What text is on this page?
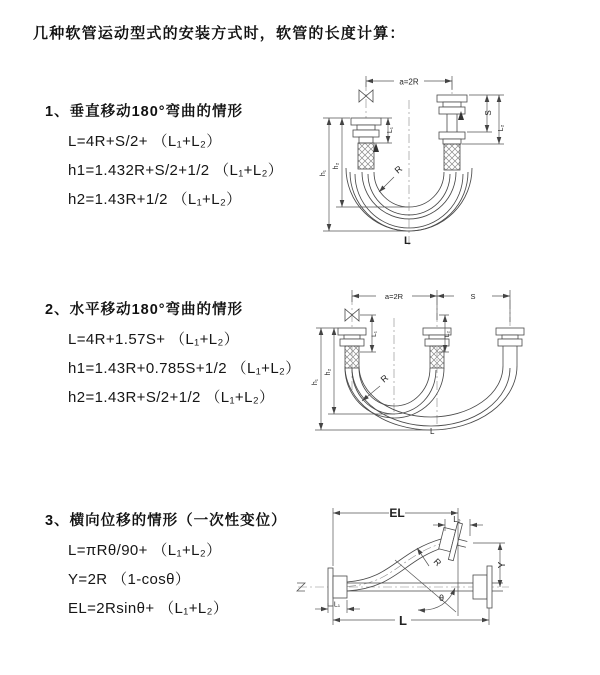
几种软管运动型式的安装方式时，软管的长度计算：
1、垂直移动180°弯曲的情形
L=4R+S/2+ （L₁+L₂）
h1=1.432R+S/2+1/2 （L₁+L₂）
h2=1.43R+1/2 （L₁+L₂）
2、水平移动180°弯曲的情形
L=4R+1.57S+ （L₁+L₂）
h1=1.43R+0.785S+1/2 （L₁+L₂）
h2=1.43R+S/2+1/2 （L₁+L₂）
3、横向位移的情形（一次性变位）
L=πRθ/90+ （L₁+L₂）
Y=2R （1-cosθ）
EL=2Rsinθ+ （L₁+L₂）
a=2R
L₁
S
L₂
h₂
h₁	R
L
a=2R	S
L₁	L₂
h₂
h₁	R
L
EL	L₂
Y
R
θ
L
L₁
